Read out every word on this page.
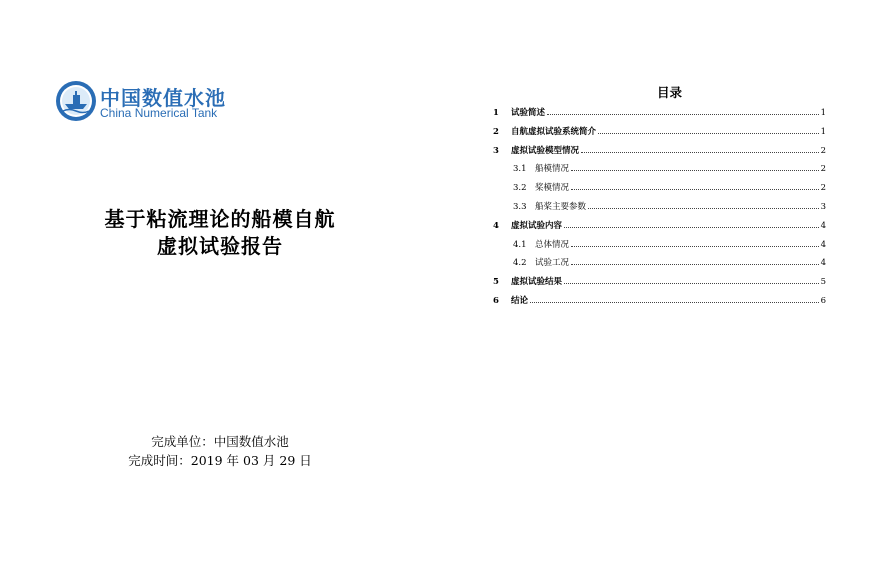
中国数值水池
China Numerical Tank
基于粘流理论的船模自航
虚拟试验报告
完成单位：中国数值水池
完成时间：2019 年 03 月 29 日
目录
1	试验简述	1
2	自航虚拟试验系统简介	1
3	虚拟试验模型情况	2
3.1 船模情况	2
3.2 桨模情况	2
3.3 船桨主要参数	3
4	虚拟试验内容	4
4.1 总体情况	4
4.2 试验工况	4
5	虚拟试验结果	5
6	结论	6
